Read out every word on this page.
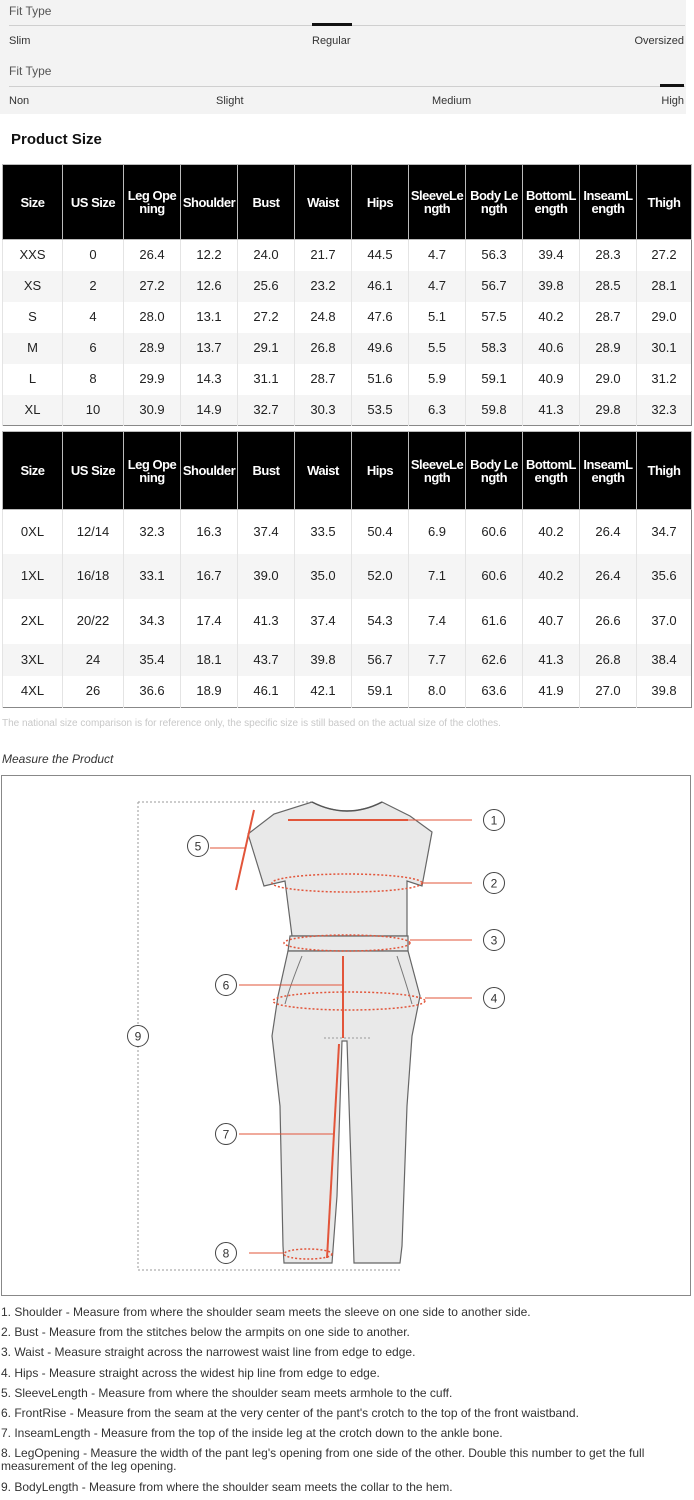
Fit Type
Slim	Regular	Oversized
Fit Type
Non	Slight	Medium	High
Product Size
Size	US Size	Leg Opening	Shoulder	Bust	Waist	Hips	SleeveLength	Body Length	BottomLength	InseamLength	Thigh
XXS	0	26.4	12.2	24.0	21.7	44.5	4.7	56.3	39.4	28.3	27.2
XS	2	27.2	12.6	25.6	23.2	46.1	4.7	56.7	39.8	28.5	28.1
S	4	28.0	13.1	27.2	24.8	47.6	5.1	57.5	40.2	28.7	29.0
M	6	28.9	13.7	29.1	26.8	49.6	5.5	58.3	40.6	28.9	30.1
L	8	29.9	14.3	31.1	28.7	51.6	5.9	59.1	40.9	29.0	31.2
XL	10	30.9	14.9	32.7	30.3	53.5	6.3	59.8	41.3	29.8	32.3
Size	US Size	Leg Opening	Shoulder	Bust	Waist	Hips	SleeveLength	Body Length	BottomLength	InseamLength	Thigh
0XL	12/14	32.3	16.3	37.4	33.5	50.4	6.9	60.6	40.2	26.4	34.7
1XL	16/18	33.1	16.7	39.0	35.0	52.0	7.1	60.6	40.2	26.4	35.6
2XL	20/22	34.3	17.4	41.3	37.4	54.3	7.4	61.6	40.7	26.6	37.0
3XL	24	35.4	18.1	43.7	39.8	56.7	7.7	62.6	41.3	26.8	38.4
4XL	26	36.6	18.9	46.1	42.1	59.1	8.0	63.6	41.9	27.0	39.8
The national size comparison is for reference only, the specific size is still based on the actual size of the clothes.
Measure the Product
1
2
3
4
5
6
7
8
9

1. Shoulder - Measure from where the shoulder seam meets the sleeve on one side to another side.

2. Bust - Measure from the stitches below the armpits on one side to another.

3. Waist - Measure straight across the narrowest waist line from edge to edge.

4. Hips - Measure straight across the widest hip line from edge to edge.

5. SleeveLength - Measure from where the shoulder seam meets armhole to the cuff.

6. FrontRise - Measure from the seam at the very center of the pant's crotch to the top of the front waistband.

7. InseamLength - Measure from the top of the inside leg at the crotch down to the ankle bone.

8. LegOpening - Measure the width of the pant leg's opening from one side of the other. Double this number to get the full measurement of the leg opening.

9. BodyLength - Measure from where the shoulder seam meets the collar to the hem.
